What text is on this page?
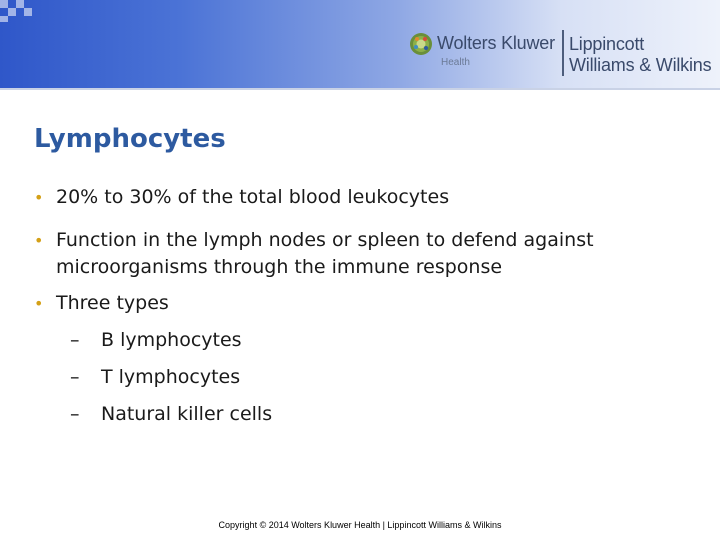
Wolters Kluwer
Health
Lippincott
Williams & Wilkins
Lymphocytes
• 20% to 30% of the total blood leukocytes
• Function in the lymph nodes or spleen to defend against microorganisms through the immune response
• Three types
– B lymphocytes
– T lymphocytes
– Natural killer cells
Copyright © 2014 Wolters Kluwer Health | Lippincott Williams & Wilkins
